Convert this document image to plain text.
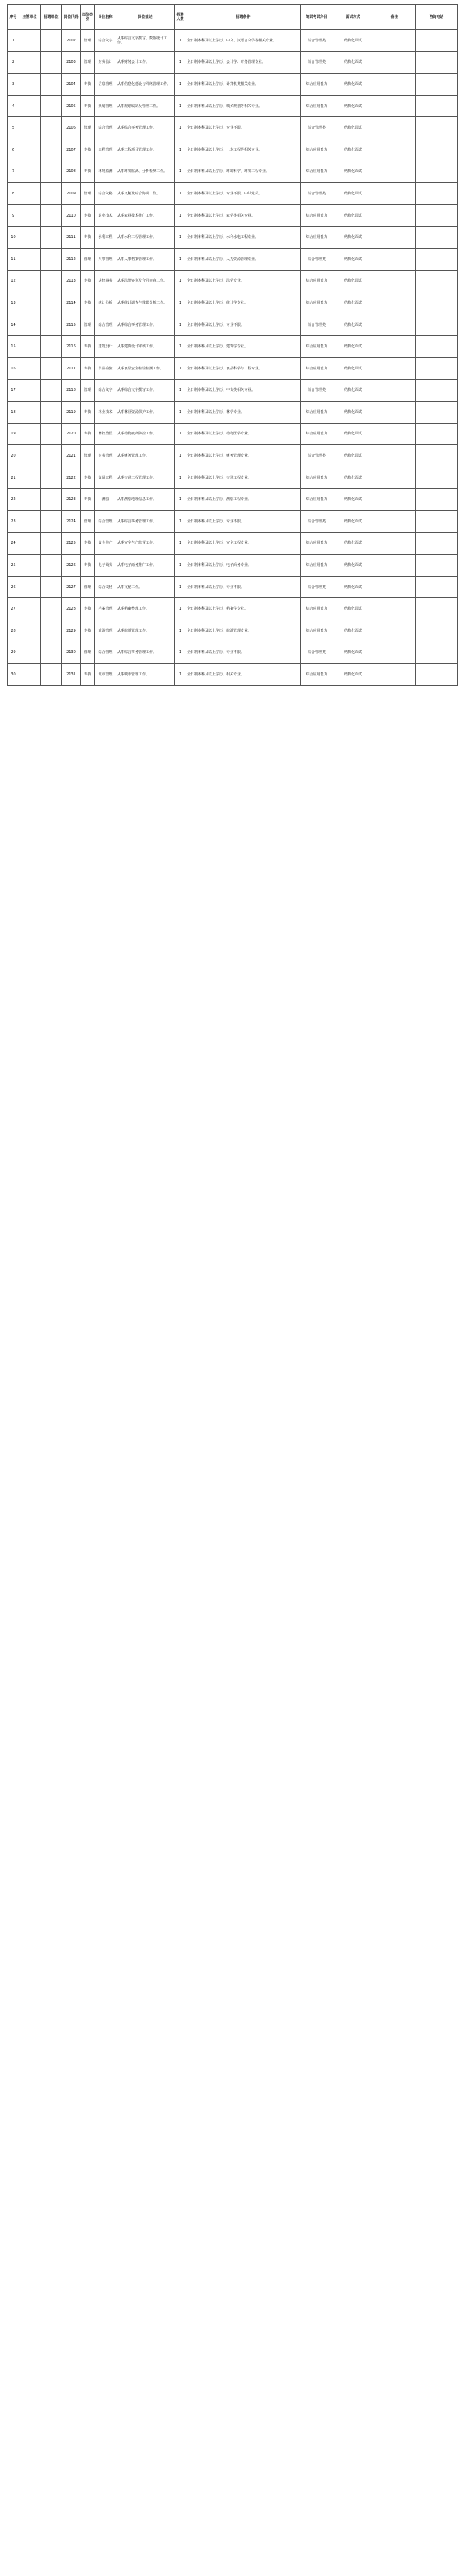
序号	主管单位	招聘单位	岗位代码	岗位类别	岗位名称	岗位描述	招聘人数	招聘条件	笔试考试科目	面试方式	备注	咨询电话
1			2102	管理	综合文字	从事综合文字撰写、数据统计工作。	1	全日制本科及以上学历，中文、汉语言文学等相关专业。	综合管理类	结构化面试		
2			2103	管理	财务会计	从事财务会计工作。	1	全日制本科及以上学历，会计学、财务管理专业。	综合管理类	结构化面试		
3			2104	专技	信息管理	从事信息化建设与网络管理工作。	1	全日制本科及以上学历，计算机类相关专业。	综合应用能力	结构化面试		
4			2105	专技	规划管理	从事规划编制及管理工作。	1	全日制本科及以上学历，城乡规划等相关专业。	综合应用能力	结构化面试		
5			2106	管理	综合管理	从事综合事务管理工作。	1	全日制本科及以上学历，专业不限。	综合管理类	结构化面试		
6			2107	专技	工程管理	从事工程项目管理工作。	1	全日制本科及以上学历，土木工程等相关专业。	综合应用能力	结构化面试		
7			2108	专技	环境监测	从事环境监测、分析检测工作。	1	全日制本科及以上学历，环境科学、环境工程专业。	综合应用能力	结构化面试		
8			2109	管理	综合文秘	从事文秘及综合协调工作。	1	全日制本科及以上学历，专业不限，中共党员。	综合管理类	结构化面试		
9			2110	专技	农业技术	从事农业技术推广工作。	1	全日制本科及以上学历，农学类相关专业。	综合应用能力	结构化面试		
10			2111	专技	水利工程	从事水利工程管理工作。	1	全日制本科及以上学历，水利水电工程专业。	综合应用能力	结构化面试		
11			2112	管理	人事管理	从事人事档案管理工作。	1	全日制本科及以上学历，人力资源管理专业。	综合管理类	结构化面试		
12			2113	专技	法律事务	从事法律咨询及合同审查工作。	1	全日制本科及以上学历，法学专业。	综合应用能力	结构化面试		
13			2114	专技	统计分析	从事统计调查与数据分析工作。	1	全日制本科及以上学历，统计学专业。	综合应用能力	结构化面试		
14			2115	管理	综合管理	从事综合事务管理工作。	1	全日制本科及以上学历，专业不限。	综合管理类	结构化面试		
15			2116	专技	建筑设计	从事建筑设计审核工作。	1	全日制本科及以上学历，建筑学专业。	综合应用能力	结构化面试		
16			2117	专技	食品检验	从事食品安全检验检测工作。	1	全日制本科及以上学历，食品科学与工程专业。	综合应用能力	结构化面试		
17			2118	管理	综合文字	从事综合文字撰写工作。	1	全日制本科及以上学历，中文类相关专业。	综合管理类	结构化面试		
18			2119	专技	林业技术	从事林业资源保护工作。	1	全日制本科及以上学历，林学专业。	综合应用能力	结构化面试		
19			2120	专技	畜牧兽医	从事动物疫病防控工作。	1	全日制本科及以上学历，动物医学专业。	综合应用能力	结构化面试		
20			2121	管理	财务管理	从事财务管理工作。	1	全日制本科及以上学历，财务管理专业。	综合管理类	结构化面试		
21			2122	专技	交通工程	从事交通工程管理工作。	1	全日制本科及以上学历，交通工程专业。	综合应用能力	结构化面试		
22			2123	专技	测绘	从事测绘地理信息工作。	1	全日制本科及以上学历，测绘工程专业。	综合应用能力	结构化面试		
23			2124	管理	综合管理	从事综合事务管理工作。	1	全日制本科及以上学历，专业不限。	综合管理类	结构化面试		
24			2125	专技	安全生产	从事安全生产监督工作。	1	全日制本科及以上学历，安全工程专业。	综合应用能力	结构化面试		
25			2126	专技	电子商务	从事电子商务推广工作。	1	全日制本科及以上学历，电子商务专业。	综合应用能力	结构化面试		
26			2127	管理	综合文秘	从事文秘工作。	1	全日制本科及以上学历，专业不限。	综合管理类	结构化面试		
27			2128	专技	档案管理	从事档案整理工作。	1	全日制本科及以上学历，档案学专业。	综合应用能力	结构化面试		
28			2129	专技	旅游管理	从事旅游管理工作。	1	全日制本科及以上学历，旅游管理专业。	综合应用能力	结构化面试		
29			2130	管理	综合管理	从事综合事务管理工作。	1	全日制本科及以上学历，专业不限。	综合管理类	结构化面试		
30			2131	专技	城市管理	从事城市管理工作。	1	全日制本科及以上学历，相关专业。	综合应用能力	结构化面试		
